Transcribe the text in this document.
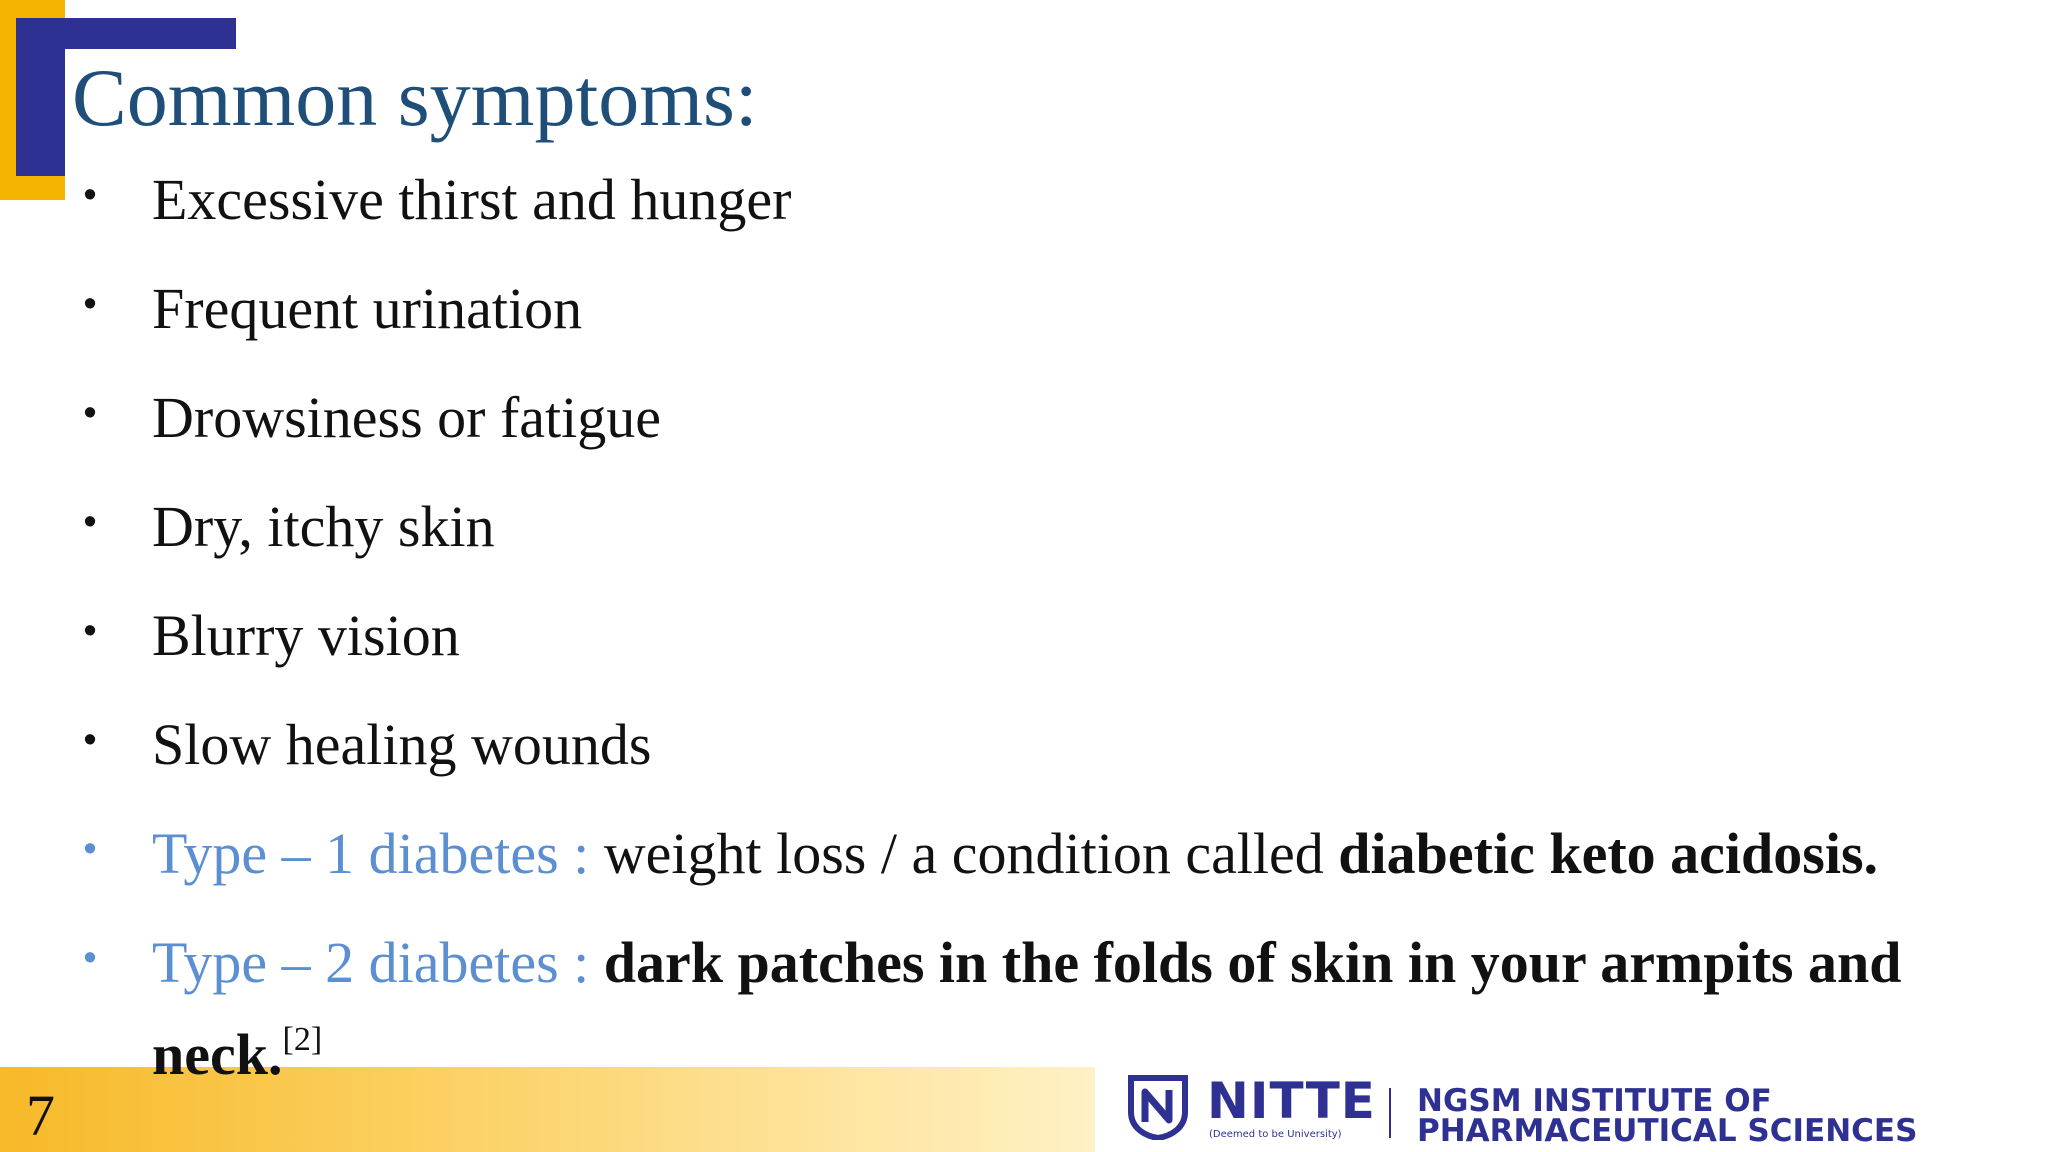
Common symptoms:
• Excessive thirst and hunger
• Frequent urination
• Drowsiness or fatigue
• Dry, itchy skin
• Blurry vision
• Slow healing wounds
• Type – 1 diabetes : weight loss / a condition called diabetic keto acidosis.
• Type – 2 diabetes : dark patches in the folds of skin in your armpits and
neck.[2]
7	NITTE
(Deemed to be University)
NGSM INSTITUTE OF
PHARMACEUTICAL SCIENCES
